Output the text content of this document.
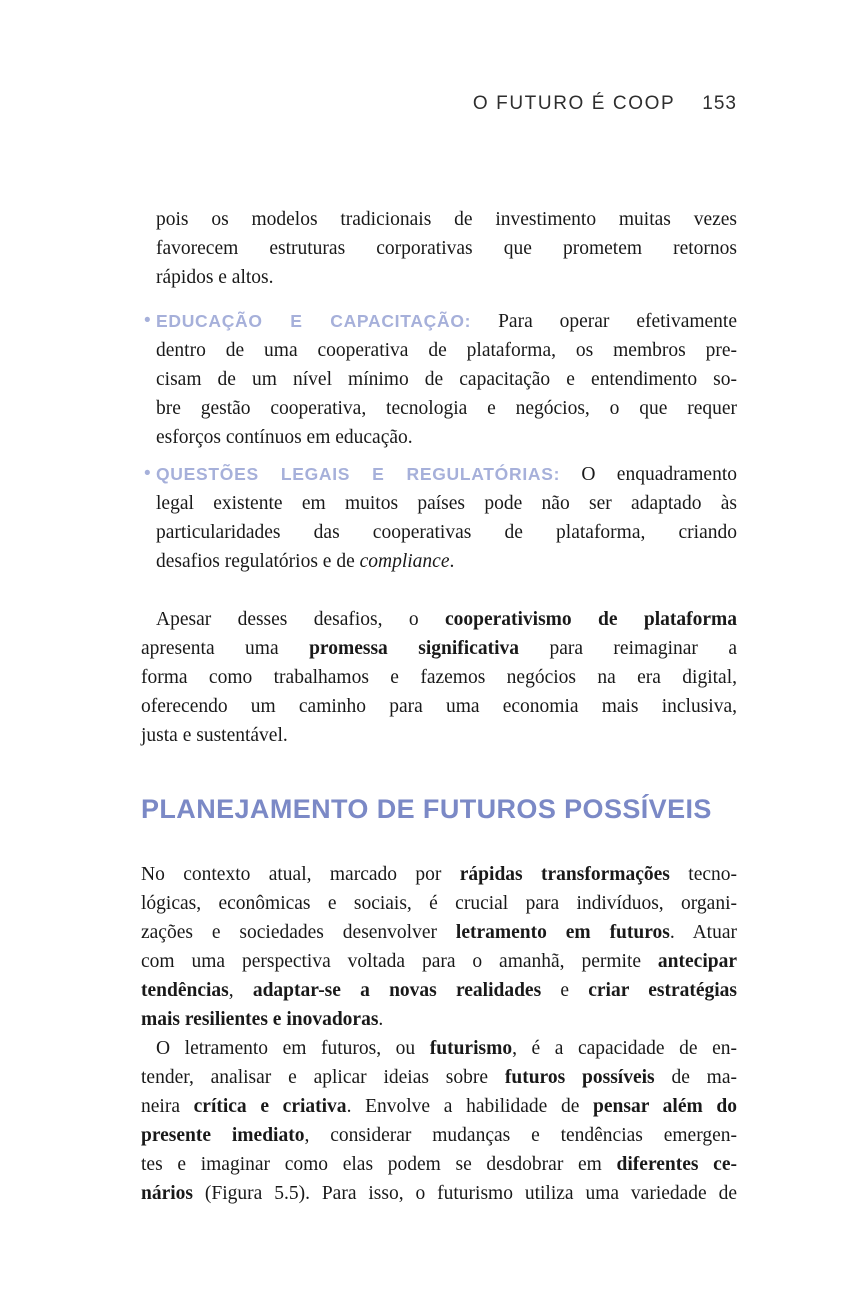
O FUTURO É COOP 153
pois os modelos tradicionais de investimento muitas vezes
favorecem estruturas corporativas que prometem retornos
rápidos e altos.
• EDUCAÇÃO E CAPACITAÇÃO: Para operar efetivamente
dentro de uma cooperativa de plataforma, os membros pre-
cisam de um nível mínimo de capacitação e entendimento so-
bre gestão cooperativa, tecnologia e negócios, o que requer
esforços contínuos em educação.
• QUESTÕES LEGAIS E REGULATÓRIAS: O enquadramento
legal existente em muitos países pode não ser adaptado às
particularidades das cooperativas de plataforma, criando
desafios regulatórios e de compliance.
Apesar desses desafios, o cooperativismo de plataforma
apresenta uma promessa significativa para reimaginar a
forma como trabalhamos e fazemos negócios na era digital,
oferecendo um caminho para uma economia mais inclusiva,
justa e sustentável.
PLANEJAMENTO DE FUTUROS POSSÍVEIS
No contexto atual, marcado por rápidas transformações tecno-
lógicas, econômicas e sociais, é crucial para indivíduos, organi-
zações e sociedades desenvolver letramento em futuros. Atuar
com uma perspectiva voltada para o amanhã, permite antecipar
tendências, adaptar-se a novas realidades e criar estratégias
mais resilientes e inovadoras.
O letramento em futuros, ou futurismo, é a capacidade de en-
tender, analisar e aplicar ideias sobre futuros possíveis de ma-
neira crítica e criativa. Envolve a habilidade de pensar além do
presente imediato, considerar mudanças e tendências emergen-
tes e imaginar como elas podem se desdobrar em diferentes ce-
nários (Figura 5.5). Para isso, o futurismo utiliza uma variedade de
